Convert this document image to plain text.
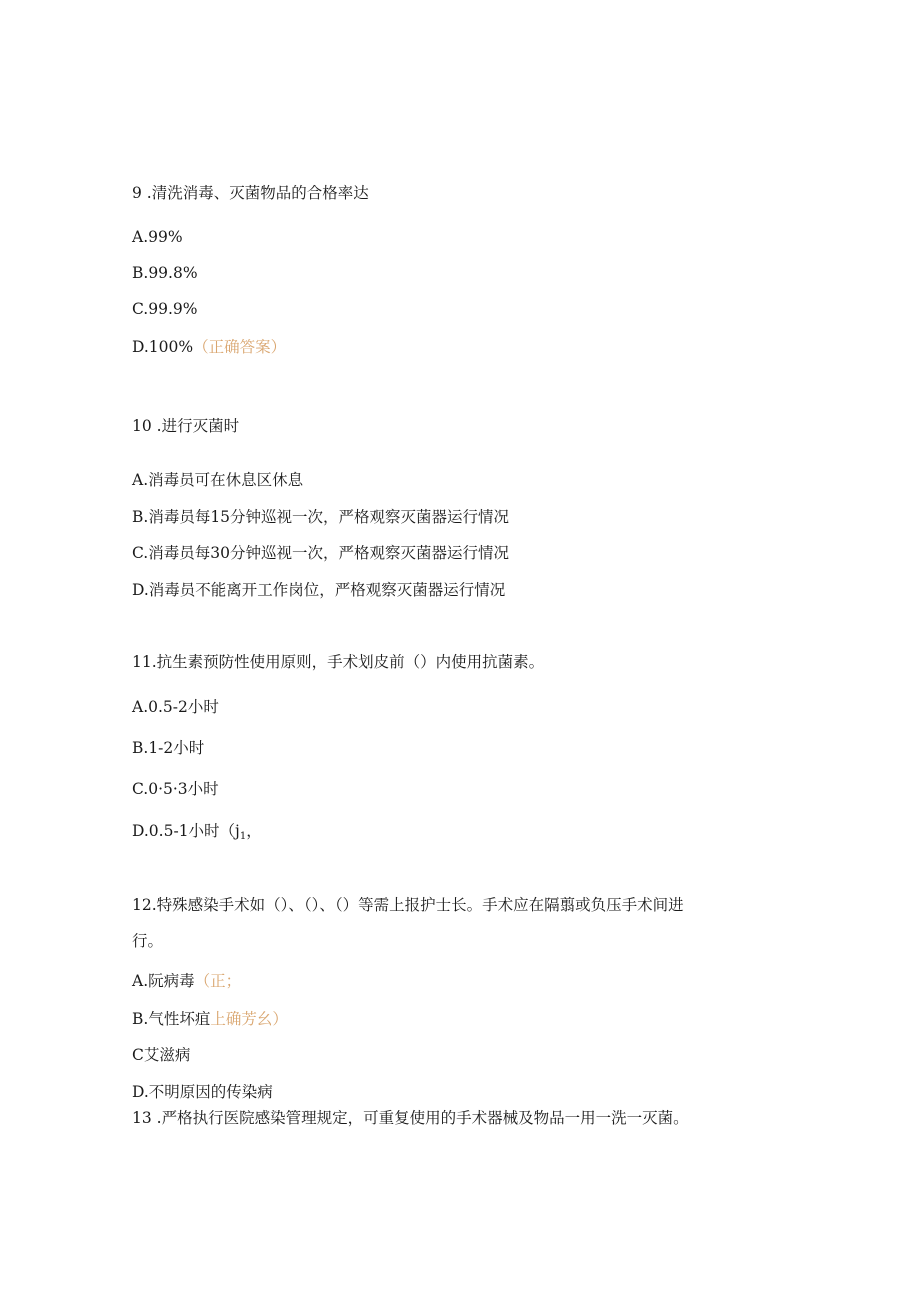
9 .清洗消毒、灭菌物品的合格率达
A.99%
B.99.8%
C.99.9%
D.100%（正确答案）
10 .进行灭菌时
A.消毒员可在休息区休息
B.消毒员每15分钟巡视一次，严格观察灭菌器运行情况
C.消毒员每30分钟巡视一次，严格观察灭菌器运行情况
D.消毒员不能离开工作岗位，严格观察灭菌器运行情况
11.抗生素预防性使用原则，手术划皮前（）内使用抗菌素。
A.0.5-2小时
B.1-2小时
C.0·5·3小时
D.0.5-1小时（$j_1$，
12.特殊感染手术如（）、（）、（）等需上报护士长。手术应在隔翦或负压手术间进
行。
A.阮病毒（正；
B.气性坏疽上确芳幺）
C艾滋病
D.不明原因的传染病
13 .严格执行医院感染管理规定，可重复使用的手术器械及物品一用一洗一灭菌。
